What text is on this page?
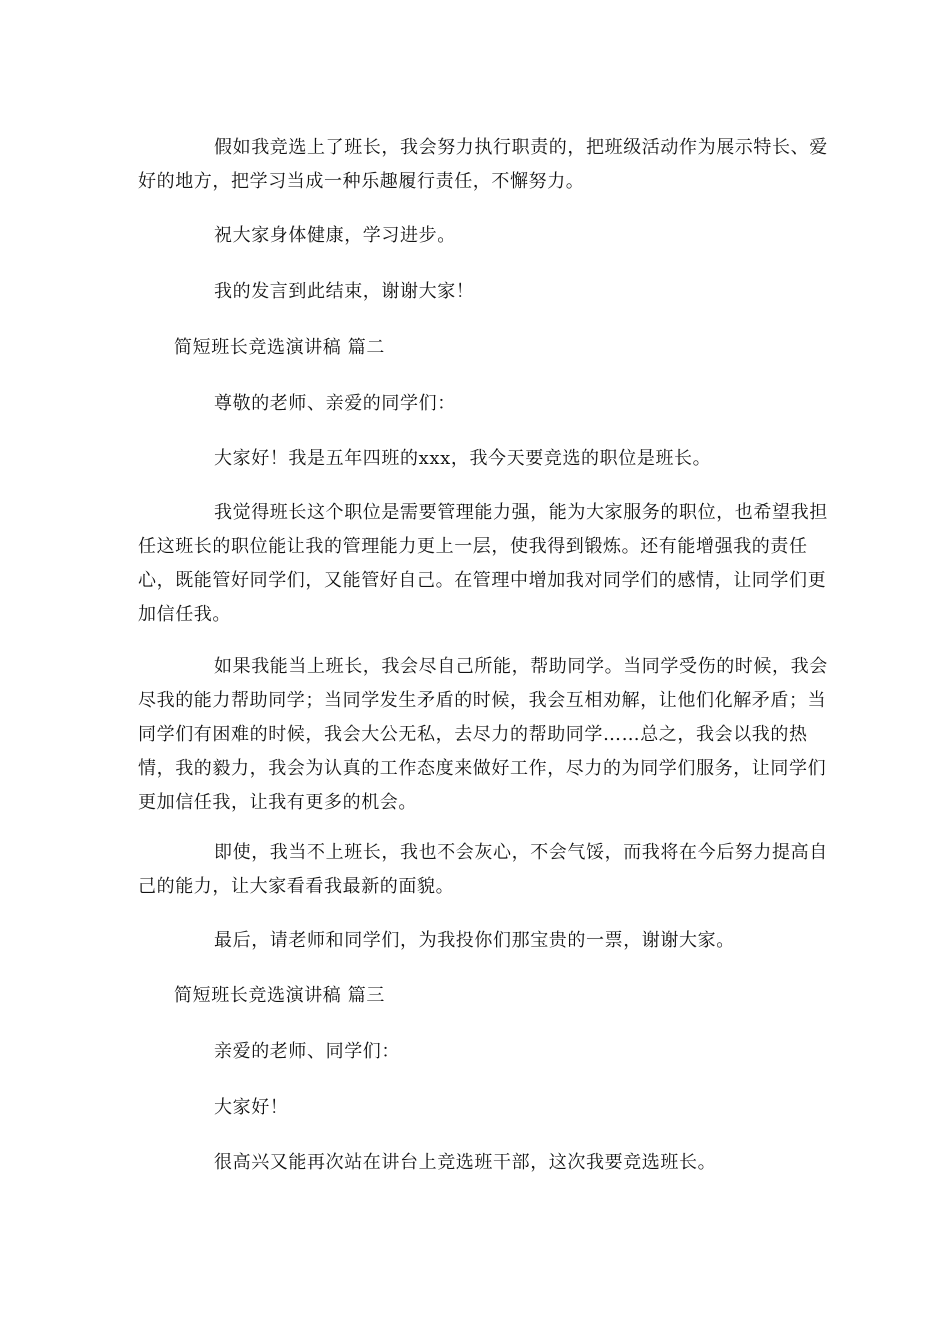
假如我竞选上了班长，我会努力执行职责的，把班级活动作为展示特长、爱好的地方，把学习当成一种乐趣履行责任，不懈努力。

祝大家身体健康，学习进步。

我的发言到此结束，谢谢大家！

简短班长竞选演讲稿 篇二

尊敬的老师、亲爱的同学们：

大家好！我是五年四班的xxx，我今天要竞选的职位是班长。

我觉得班长这个职位是需要管理能力强，能为大家服务的职位，也希望我担任这班长的职位能让我的管理能力更上一层，使我得到锻炼。还有能增强我的责任心，既能管好同学们，又能管好自己。在管理中增加我对同学们的感情，让同学们更加信任我。

如果我能当上班长，我会尽自己所能，帮助同学。当同学受伤的时候，我会尽我的能力帮助同学；当同学发生矛盾的时候，我会互相劝解，让他们化解矛盾；当同学们有困难的时候，我会大公无私，去尽力的帮助同学……总之，我会以我的热情，我的毅力，我会为认真的工作态度来做好工作，尽力的为同学们服务，让同学们更加信任我，让我有更多的机会。

即使，我当不上班长，我也不会灰心，不会气馁，而我将在今后努力提高自己的能力，让大家看看我最新的面貌。

最后，请老师和同学们，为我投你们那宝贵的一票，谢谢大家。

简短班长竞选演讲稿 篇三

亲爱的老师、同学们：

大家好！

很高兴又能再次站在讲台上竞选班干部，这次我要竞选班长。
